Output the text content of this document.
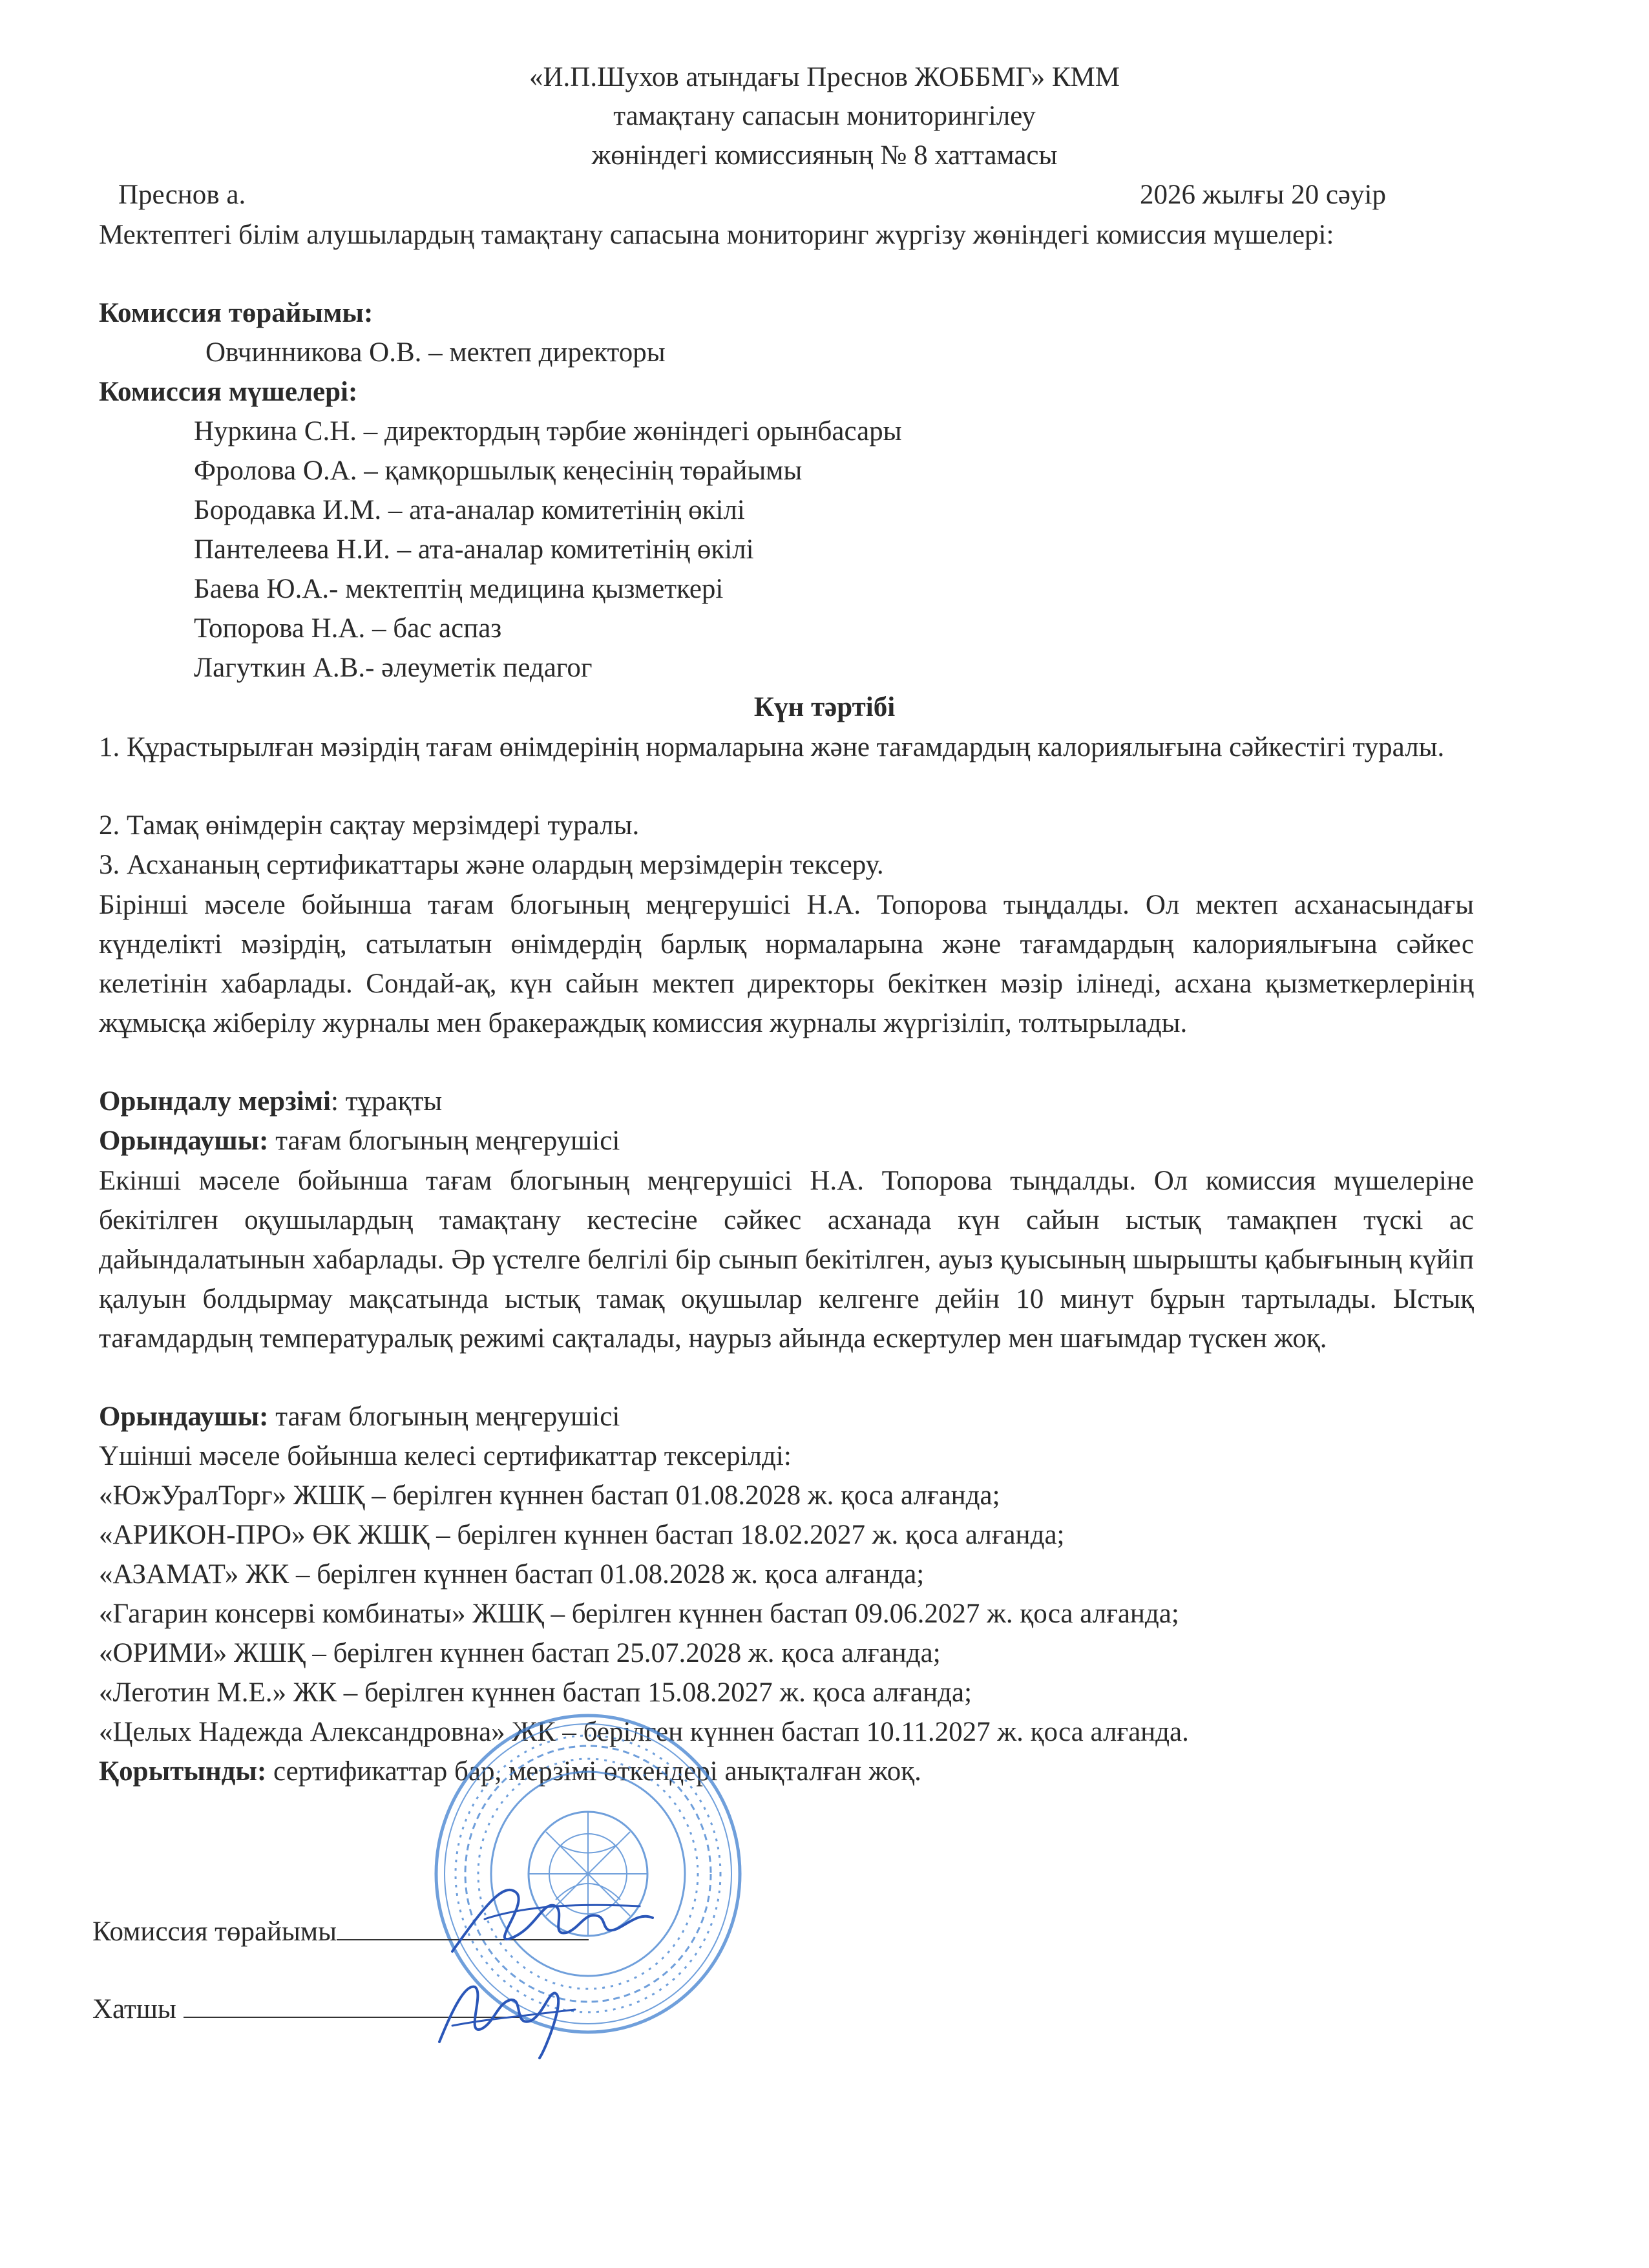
«И.П.Шухов атындағы Преснов ЖОББМГ» КММ
тамақтану сапасын мониторингілеу
жөніндегі комиссияның № 8 хаттамасы
Преснов а.	2026 жылғы 20 сәуір
Мектептегі білім алушылардың тамақтану сапасына мониторинг жүргізу жөніндегі комиссия мүшелері:
Комиссия төрайымы:
Овчинникова О.В. – мектеп директоры
Комиссия мүшелері:
Нуркина С.Н. – директордың тәрбие жөніндегі орынбасары
Фролова О.А. – қамқоршылық кеңесінің төрайымы
Бородавка И.М. – ата-аналар комитетінің өкілі
Пантелеева Н.И. – ата-аналар комитетінің өкілі
Баева Ю.А.- мектептің медицина қызметкері
Топорова Н.А. – бас аспаз
Лагуткин А.В.- әлеуметік педагог
Күн тәртібі
1. Құрастырылған мәзірдің тағам өнімдерінің нормаларына және тағамдардың калориялығына сәйкестігі туралы.
2. Тамақ өнімдерін сақтау мерзімдері туралы.
3. Асхананың сертификаттары және олардың мерзімдерін тексеру.
Бірінші мәселе бойынша тағам блогының меңгерушісі Н.А. Топорова тыңдалды. Ол мектеп асханасындағы күнделікті мәзірдің, сатылатын өнімдердің барлық нормаларына және тағамдардың калориялығына сәйкес келетінін хабарлады. Сондай-ақ, күн сайын мектеп директоры бекіткен мәзір ілінеді, асхана қызметкерлерінің жұмысқа жіберілу журналы мен бракераждық комиссия журналы жүргізіліп, толтырылады.
Орындалу мерзімі: тұрақты
Орындаушы: тағам блогының меңгерушісі
Екінші мәселе бойынша тағам блогының меңгерушісі Н.А. Топорова тыңдалды. Ол комиссия мүшелеріне бекітілген оқушылардың тамақтану кестесіне сәйкес асханада күн сайын ыстық тамақпен түскі ас дайындалатынын хабарлады. Әр үстелге белгілі бір сынып бекітілген, ауыз қуысының шырышты қабығының күйіп қалуын болдырмау мақсатында ыстық тамақ оқушылар келгенге дейін 10 минут бұрын тартылады. Ыстық тағамдардың температуралық режимі сақталады, наурыз айында ескертулер мен шағымдар түскен жоқ.
Орындаушы: тағам блогының меңгерушісі
Үшінші мәселе бойынша келесі сертификаттар тексерілді:
«ЮжУралТорг» ЖШҚ – берілген күннен бастап 01.08.2028 ж. қоса алғанда;
«АРИКОН-ПРО» ӨК ЖШҚ – берілген күннен бастап 18.02.2027 ж. қоса алғанда;
«АЗАМАТ» ЖК – берілген күннен бастап 01.08.2028 ж. қоса алғанда;
«Гагарин консерві комбинаты» ЖШҚ – берілген күннен бастап 09.06.2027 ж. қоса алғанда;
«ОРИМИ» ЖШҚ – берілген күннен бастап 25.07.2028 ж. қоса алғанда;
«Леготин М.Е.» ЖК – берілген күннен бастап 15.08.2027 ж. қоса алғанда;
«Целых Надежда Александровна» ЖК – берілген күннен бастап 10.11.2027 ж. қоса алғанда.
Қорытынды: сертификаттар бар, мерзімі өткендері анықталған жоқ.
Комиссия төрайымы
Хатшы
